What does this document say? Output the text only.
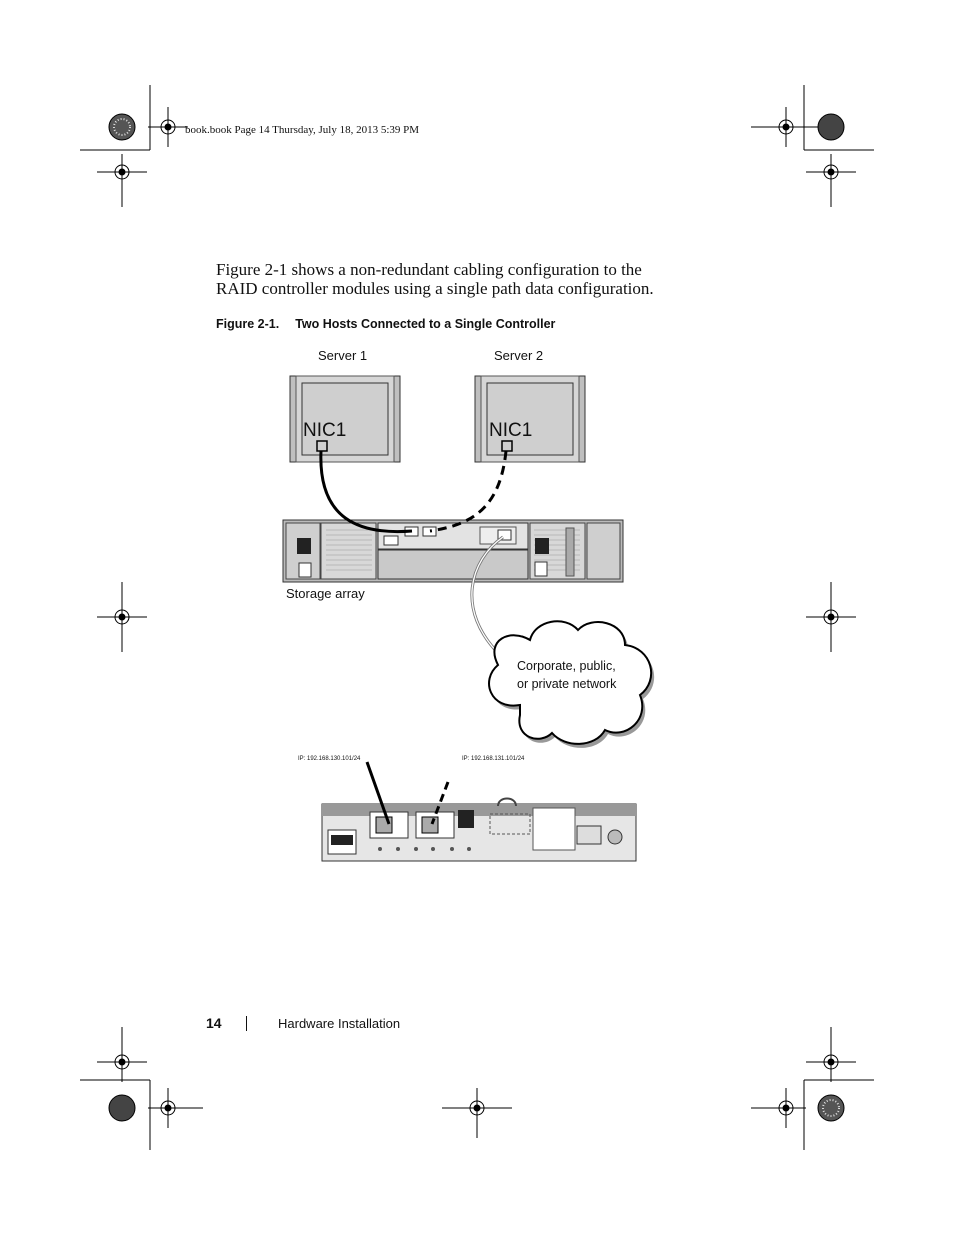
book.book Page 14 Thursday, July 18, 2013 5:39 PM
Figure 2-1 shows a non-redundant cabling configuration to the RAID controller modules using a single path data configuration.
Figure 2-1. Two Hosts Connected to a Single Controller
Server 1	Server 2
NIC1	NIC1
Storage array
Corporate, public,
or private network
IP: 192.168.130.101/24	IP: 192.168.131.101/24
14	Hardware Installation
